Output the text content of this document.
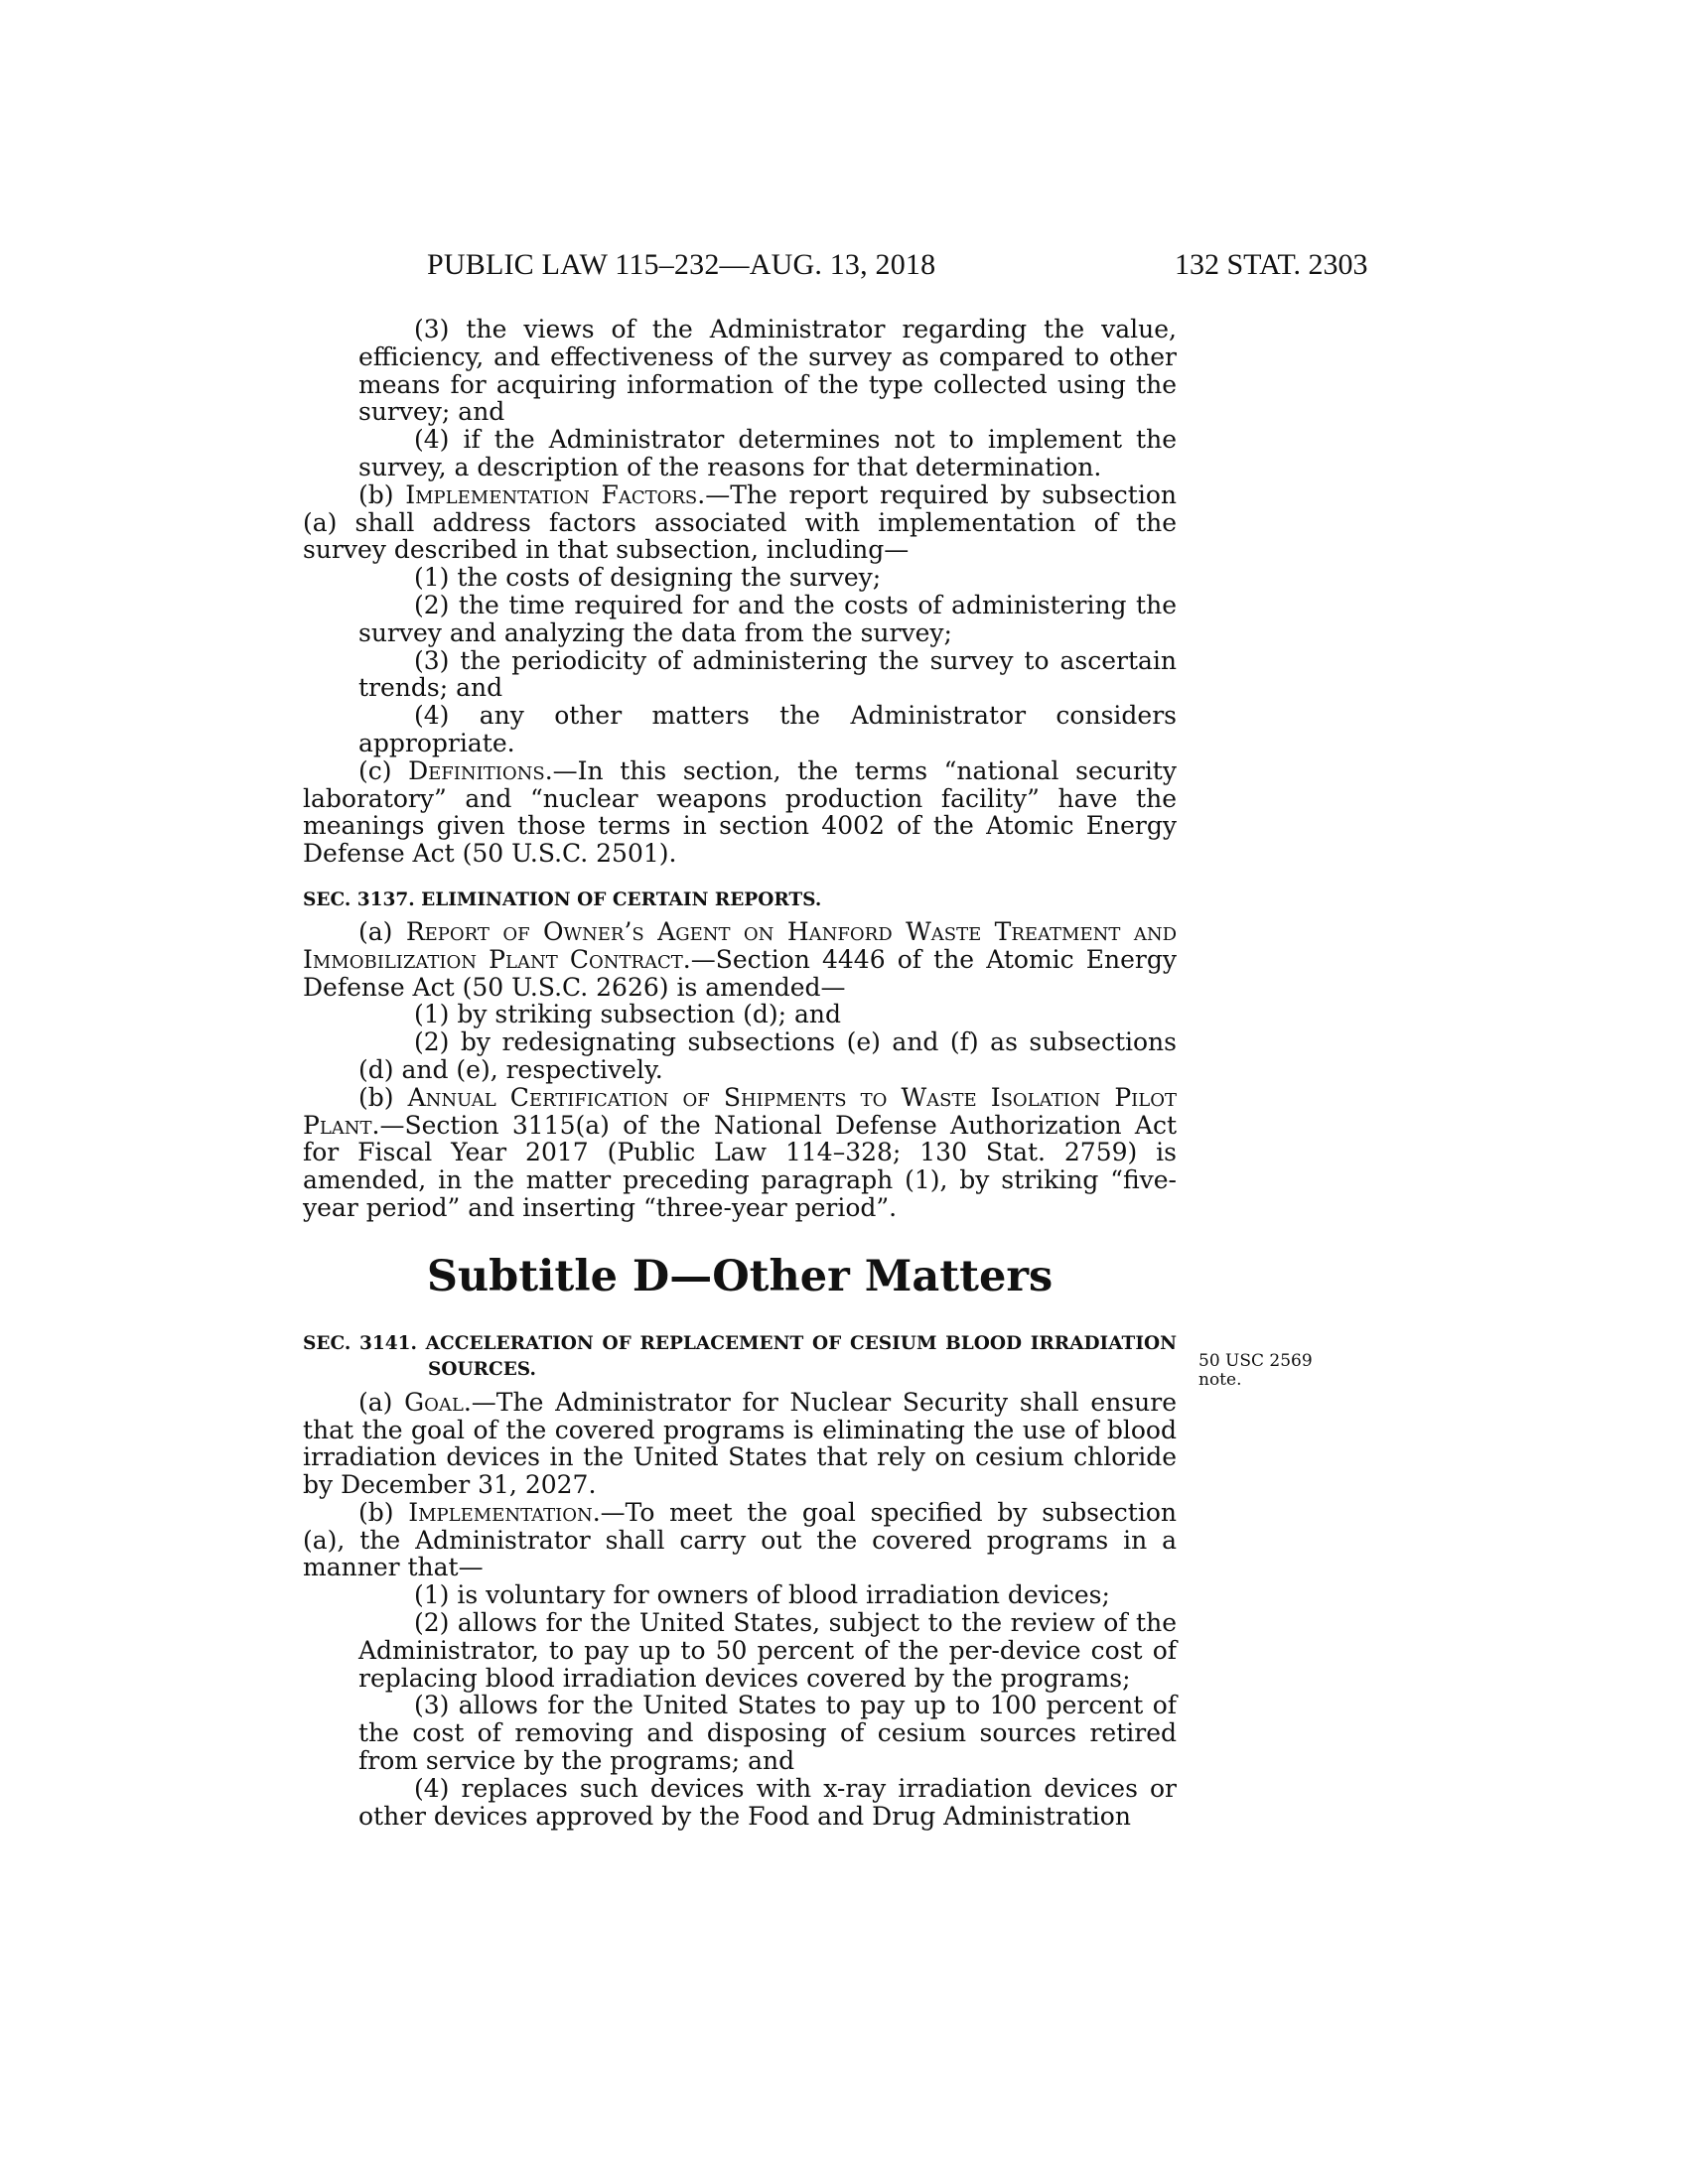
PUBLIC LAW 115–232—AUG. 13, 2018	132 STAT. 2303

(3) the views of the Administrator regarding the value, efficiency, and effectiveness of the survey as compared to other means for acquiring information of the type collected using the survey; and

(4) if the Administrator determines not to implement the survey, a description of the reasons for that determination.

(b) Implementation Factors.—The report required by subsection (a) shall address factors associated with implementation of the survey described in that subsection, including—

(1) the costs of designing the survey;

(2) the time required for and the costs of administering the survey and analyzing the data from the survey;

(3) the periodicity of administering the survey to ascertain trends; and

(4) any other matters the Administrator considers appropriate.

(c) Definitions.—In this section, the terms “national security laboratory” and “nuclear weapons production facility” have the meanings given those terms in section 4002 of the Atomic Energy Defense Act (50 U.S.C. 2501).

SEC. 3137. ELIMINATION OF CERTAIN REPORTS.

(a) Report of Owner’s Agent on Hanford Waste Treatment and Immobilization Plant Contract.—Section 4446 of the Atomic Energy Defense Act (50 U.S.C. 2626) is amended—

(1) by striking subsection (d); and

(2) by redesignating subsections (e) and (f) as subsections (d) and (e), respectively.

(b) Annual Certification of Shipments to Waste Isolation Pilot Plant.—Section 3115(a) of the National Defense Authorization Act for Fiscal Year 2017 (Public Law 114–328; 130 Stat. 2759) is amended, in the matter preceding paragraph (1), by striking “five-year period” and inserting “three-year period”.

Subtitle D—Other Matters

SEC. 3141. ACCELERATION OF REPLACEMENT OF CESIUM BLOOD IRRADIATION SOURCES.

(a) Goal.—The Administrator for Nuclear Security shall ensure that the goal of the covered programs is eliminating the use of blood irradiation devices in the United States that rely on cesium chloride by December 31, 2027.

(b) Implementation.—To meet the goal specified by subsection (a), the Administrator shall carry out the covered programs in a manner that—

(1) is voluntary for owners of blood irradiation devices;

(2) allows for the United States, subject to the review of the Administrator, to pay up to 50 percent of the per-device cost of replacing blood irradiation devices covered by the programs;

(3) allows for the United States to pay up to 100 percent of the cost of removing and disposing of cesium sources retired from service by the programs; and

(4) replaces such devices with x-ray irradiation devices or other devices approved by the Food and Drug Administration

50 USC 2569 note.
